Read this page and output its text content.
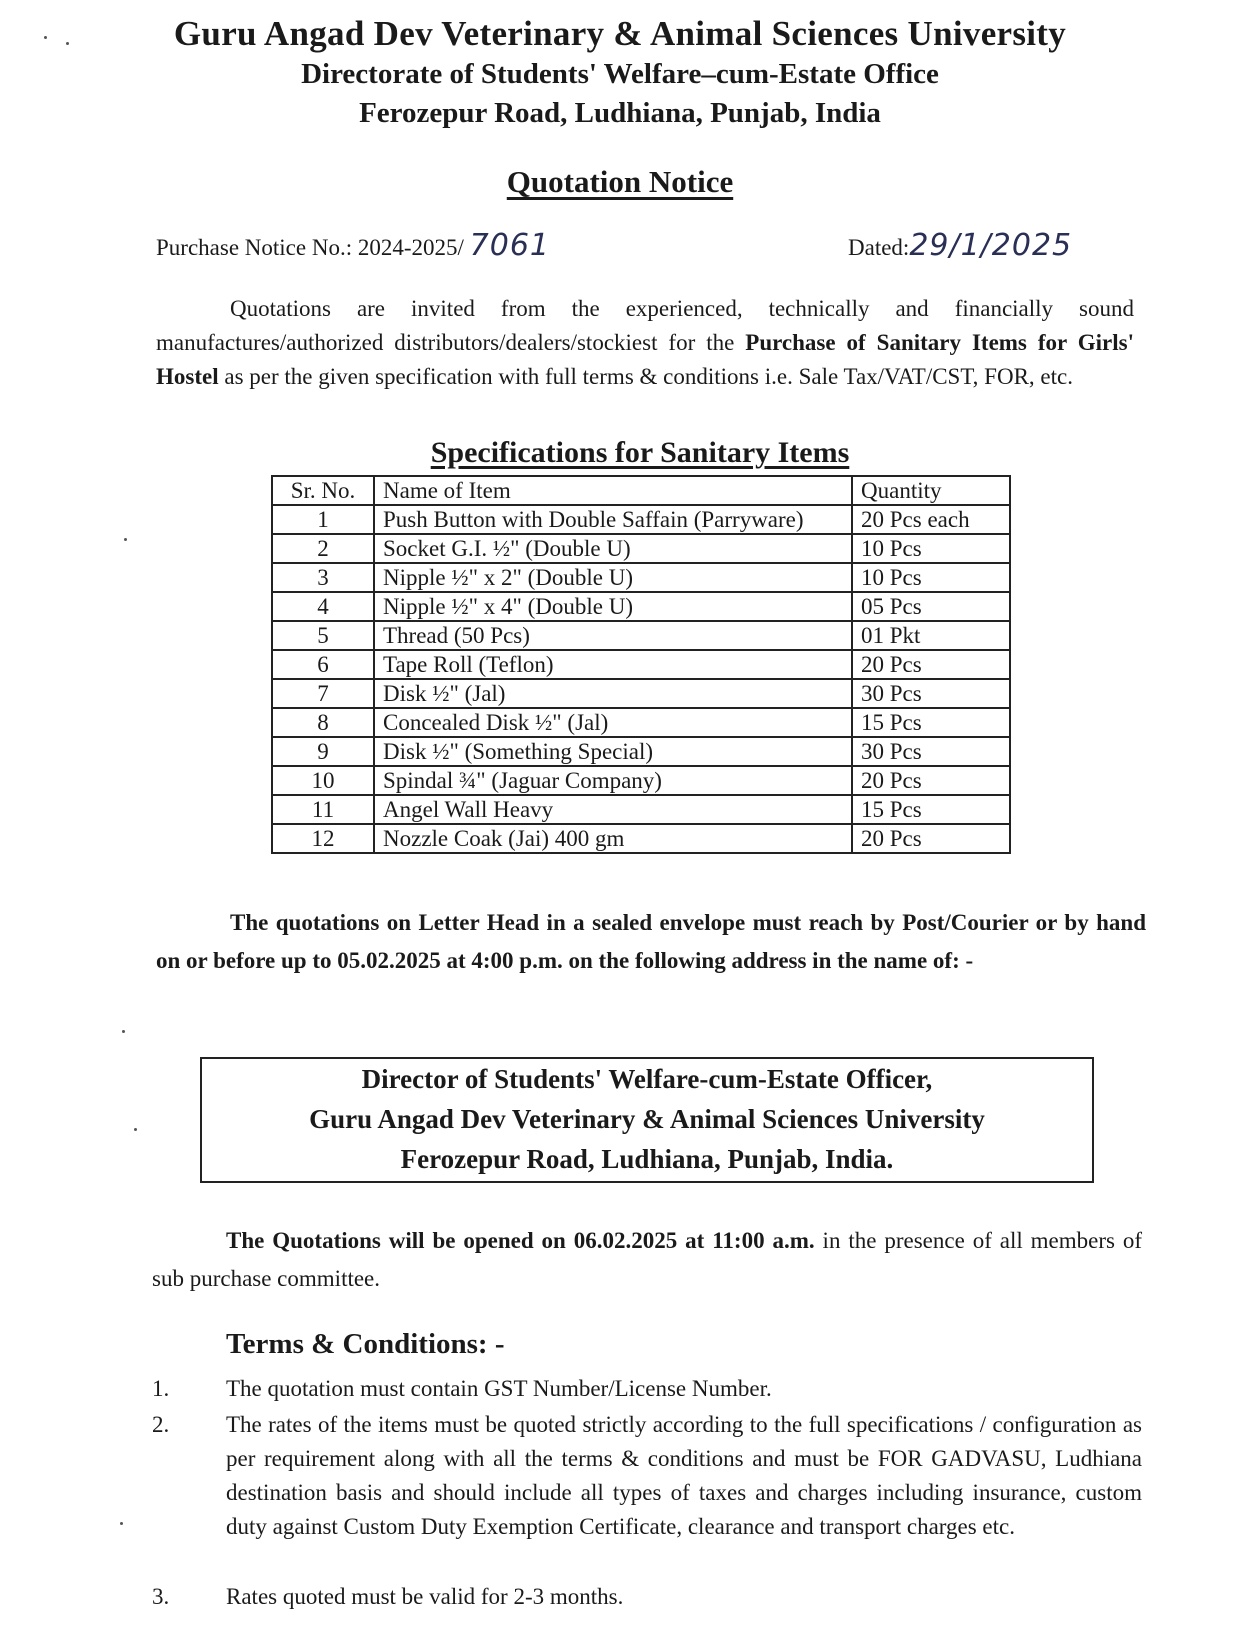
Guru Angad Dev Veterinary & Animal Sciences University
Directorate of Students' Welfare–cum-Estate Office
Ferozepur Road, Ludhiana, Punjab, India
Quotation Notice
Purchase Notice No.: 2024-2025/ 7061	Dated:29/1/2025
Quotations are invited from the experienced, technically and financially sound manufactures/authorized distributors/dealers/stockiest for the Purchase of Sanitary Items for Girls' Hostel as per the given specification with full terms & conditions i.e. Sale Tax/VAT/CST, FOR, etc.
Specifications for Sanitary Items
Sr. No.	Name of Item	Quantity
1	Push Button with Double Saffain (Parryware)	20 Pcs each
2	Socket G.I. ½" (Double U)	10 Pcs
3	Nipple ½" x 2" (Double U)	10 Pcs
4	Nipple ½" x 4" (Double U)	05 Pcs
5	Thread (50 Pcs)	01 Pkt
6	Tape Roll (Teflon)	20 Pcs
7	Disk ½" (Jal)	30 Pcs
8	Concealed Disk ½" (Jal)	15 Pcs
9	Disk ½" (Something Special)	30 Pcs
10	Spindal ¾" (Jaguar Company)	20 Pcs
11	Angel Wall Heavy	15 Pcs
12	Nozzle Coak (Jai) 400 gm	20 Pcs
The quotations on Letter Head in a sealed envelope must reach by Post/Courier or by hand on or before up to 05.02.2025 at 4:00 p.m. on the following address in the name of: -
Director of Students' Welfare-cum-Estate Officer,
Guru Angad Dev Veterinary & Animal Sciences University
Ferozepur Road, Ludhiana, Punjab, India.
The Quotations will be opened on 06.02.2025 at 11:00 a.m. in the presence of all members of sub purchase committee.
Terms & Conditions: -
1.	The quotation must contain GST Number/License Number.
2.	The rates of the items must be quoted strictly according to the full specifications / configuration as per requirement along with all the terms & conditions and must be FOR GADVASU, Ludhiana destination basis and should include all types of taxes and charges including insurance, custom duty against Custom Duty Exemption Certificate, clearance and transport charges etc.
3.	Rates quoted must be valid for 2-3 months.
